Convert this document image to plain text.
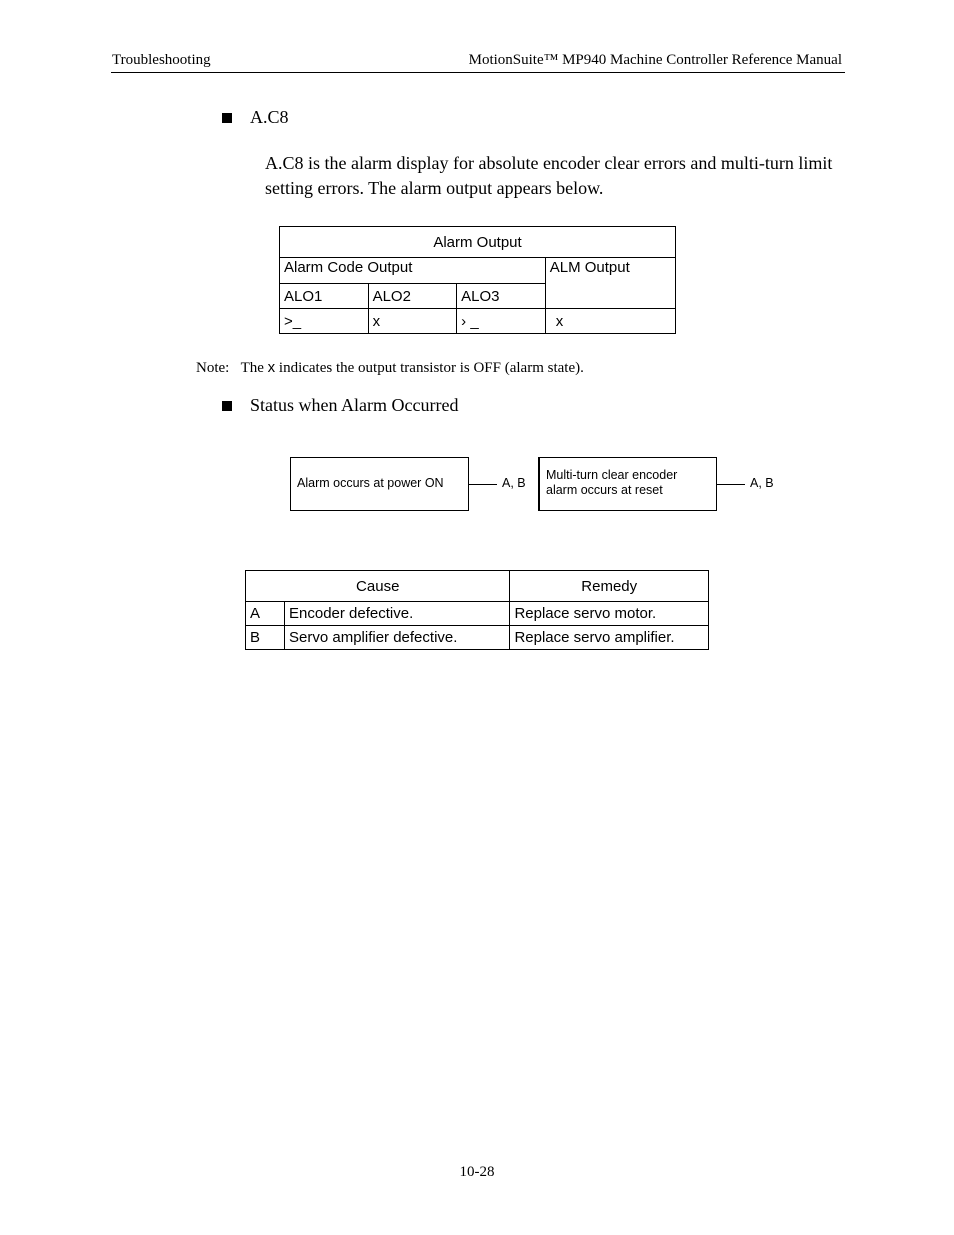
Troubleshooting	MotionSuite™ MP940 Machine Controller Reference Manual
A.C8
A.C8 is the alarm display for absolute encoder clear errors and multi-turn limit setting errors. The alarm output appears below.
Alarm Output			
Alarm Code Output			ALM Output
ALO1	ALO2	ALO3	
>_	x	› _	x
Note: The x indicates the output transistor is OFF (alarm state).
Status when Alarm Occurred
Alarm occurs at power ON	A, B
Multi-turn clear encoder
alarm occurs at reset	A, B
Cause		Remedy
A	Encoder defective.	Replace servo motor.
B	Servo amplifier defective.	Replace servo amplifier.
10-28
